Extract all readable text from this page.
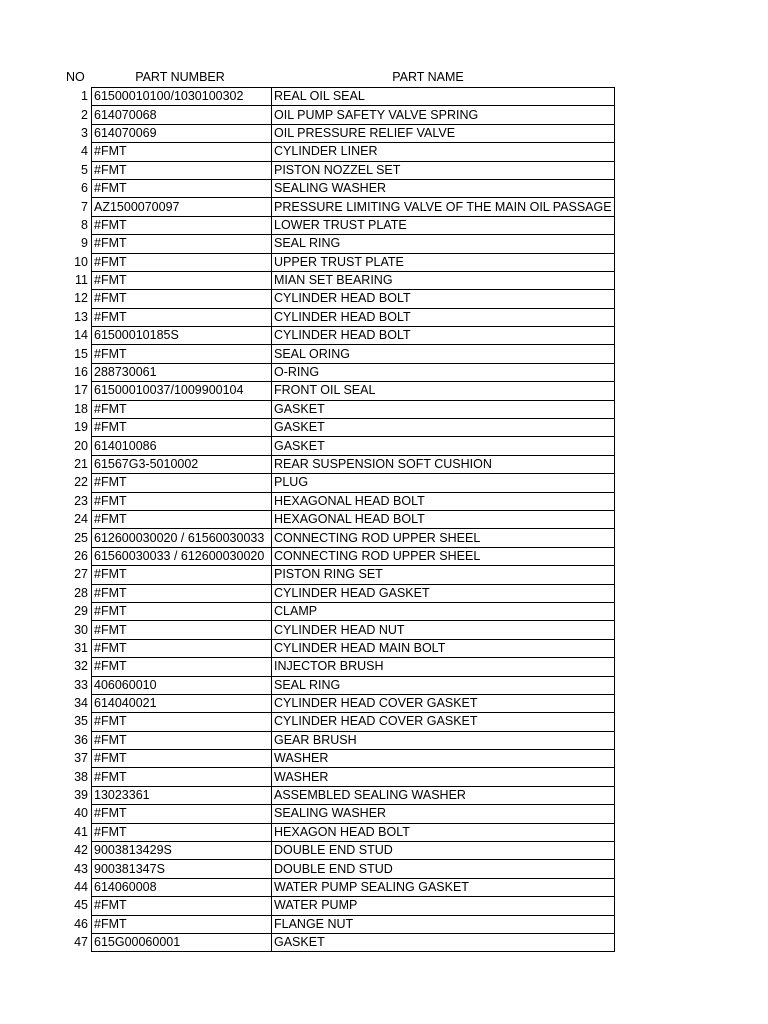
NO	PART NUMBER	PART NAME
1	61500010100/1030100302	REAL OIL SEAL
2	614070068	OIL PUMP SAFETY VALVE SPRING
3	614070069	OIL PRESSURE RELIEF VALVE
4	#FMT	CYLINDER LINER
5	#FMT	PISTON NOZZEL SET
6	#FMT	SEALING WASHER
7	AZ1500070097	PRESSURE LIMITING VALVE OF THE MAIN OIL PASSAGE
8	#FMT	LOWER TRUST PLATE
9	#FMT	SEAL RING
10	#FMT	UPPER TRUST PLATE
11	#FMT	MIAN SET BEARING
12	#FMT	CYLINDER HEAD BOLT
13	#FMT	CYLINDER HEAD BOLT
14	61500010185S	CYLINDER HEAD BOLT
15	#FMT	SEAL ORING
16	288730061	O-RING
17	61500010037/1009900104	FRONT OIL SEAL
18	#FMT	GASKET
19	#FMT	GASKET
20	614010086	GASKET
21	61567G3-5010002	REAR SUSPENSION SOFT CUSHION
22	#FMT	PLUG
23	#FMT	HEXAGONAL HEAD BOLT
24	#FMT	HEXAGONAL HEAD BOLT
25	612600030020 / 61560030033	CONNECTING ROD UPPER SHEEL
26	61560030033 / 612600030020	CONNECTING ROD UPPER SHEEL
27	#FMT	PISTON RING SET
28	#FMT	CYLINDER HEAD GASKET
29	#FMT	CLAMP
30	#FMT	CYLINDER HEAD NUT
31	#FMT	CYLINDER HEAD MAIN BOLT
32	#FMT	INJECTOR BRUSH
33	406060010	SEAL RING
34	614040021	CYLINDER HEAD COVER GASKET
35	#FMT	CYLINDER HEAD COVER GASKET
36	#FMT	GEAR BRUSH
37	#FMT	WASHER
38	#FMT	WASHER
39	13023361	ASSEMBLED SEALING WASHER
40	#FMT	SEALING WASHER
41	#FMT	HEXAGON HEAD BOLT
42	9003813429S	DOUBLE END STUD
43	900381347S	DOUBLE END STUD
44	614060008	WATER PUMP SEALING GASKET
45	#FMT	WATER PUMP
46	#FMT	FLANGE NUT
47	615G00060001	GASKET
